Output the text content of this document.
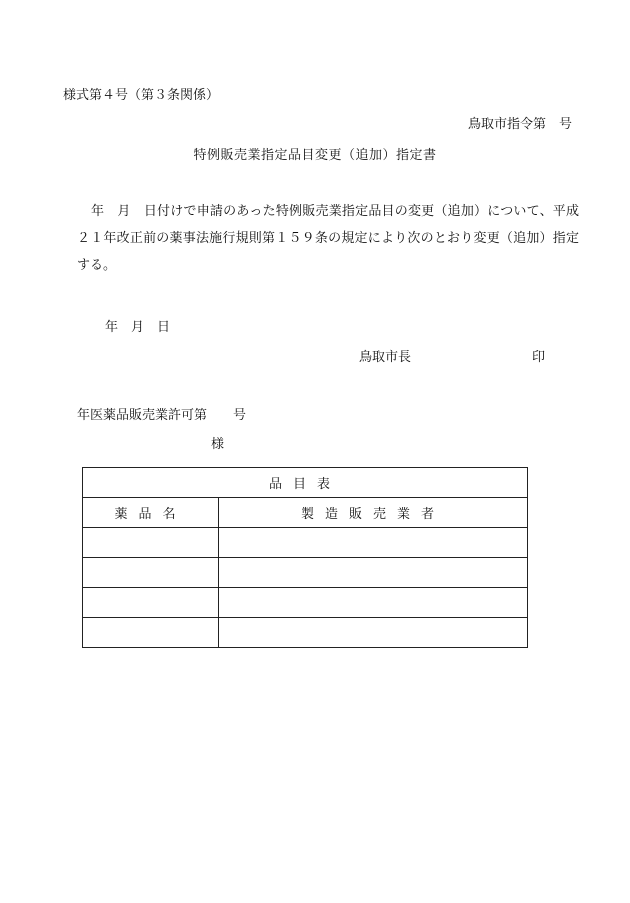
様式第４号（第３条関係）
鳥取市指令第　号
特例販売業指定品目変更（追加）指定書
年　月　日付けで申請のあった特例販売業指定品目の変更（追加）について、平成２１年改正前の薬事法施行規則第１５９条の規定により次のとおり変更（追加）指定する。
年　月　日
鳥取市長	印
年医薬品販売業許可第　　号
様
品目表	
薬品名	製造販売業者
